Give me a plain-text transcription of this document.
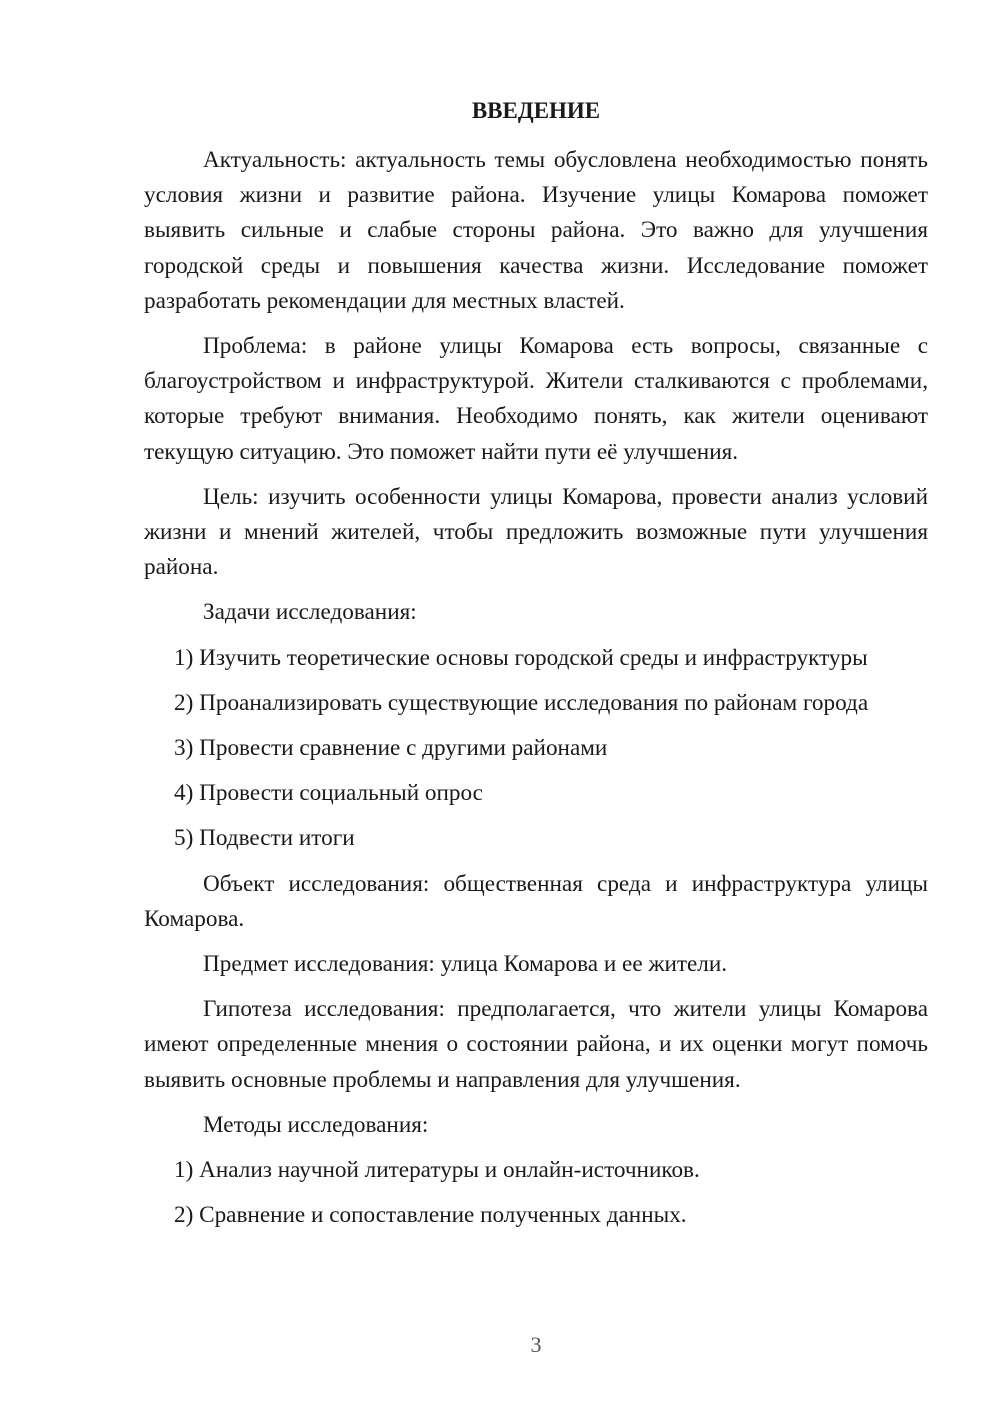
ВВЕДЕНИЕ

Актуальность: актуальность темы обусловлена необходимостью понять условия жизни и развитие района. Изучение улицы Комарова поможет выявить сильные и слабые стороны района. Это важно для улучшения городской среды и повышения качества жизни. Исследование поможет разработать рекомендации для местных властей.

Проблема: в районе улицы Комарова есть вопросы, связанные с благоустройством и инфраструктурой. Жители сталкиваются с проблемами, которые требуют внимания. Необходимо понять, как жители оценивают текущую ситуацию. Это поможет найти пути её улучшения.

Цель: изучить особенности улицы Комарова, провести анализ условий жизни и мнений жителей, чтобы предложить возможные пути улучшения района.

Задачи исследования:

1) Изучить теоретические основы городской среды и инфраструктуры

2) Проанализировать существующие исследования по районам города

3) Провести сравнение с другими районами

4) Провести социальный опрос

5) Подвести итоги

Объект исследования: общественная среда и инфраструктура улицы Комарова.

Предмет исследования: улица Комарова и ее жители.

Гипотеза исследования: предполагается, что жители улицы Комарова имеют определенные мнения о состоянии района, и их оценки могут помочь выявить основные проблемы и направления для улучшения.

Методы исследования:

1) Анализ научной литературы и онлайн-источников.

2) Сравнение и сопоставление полученных данных.

3
